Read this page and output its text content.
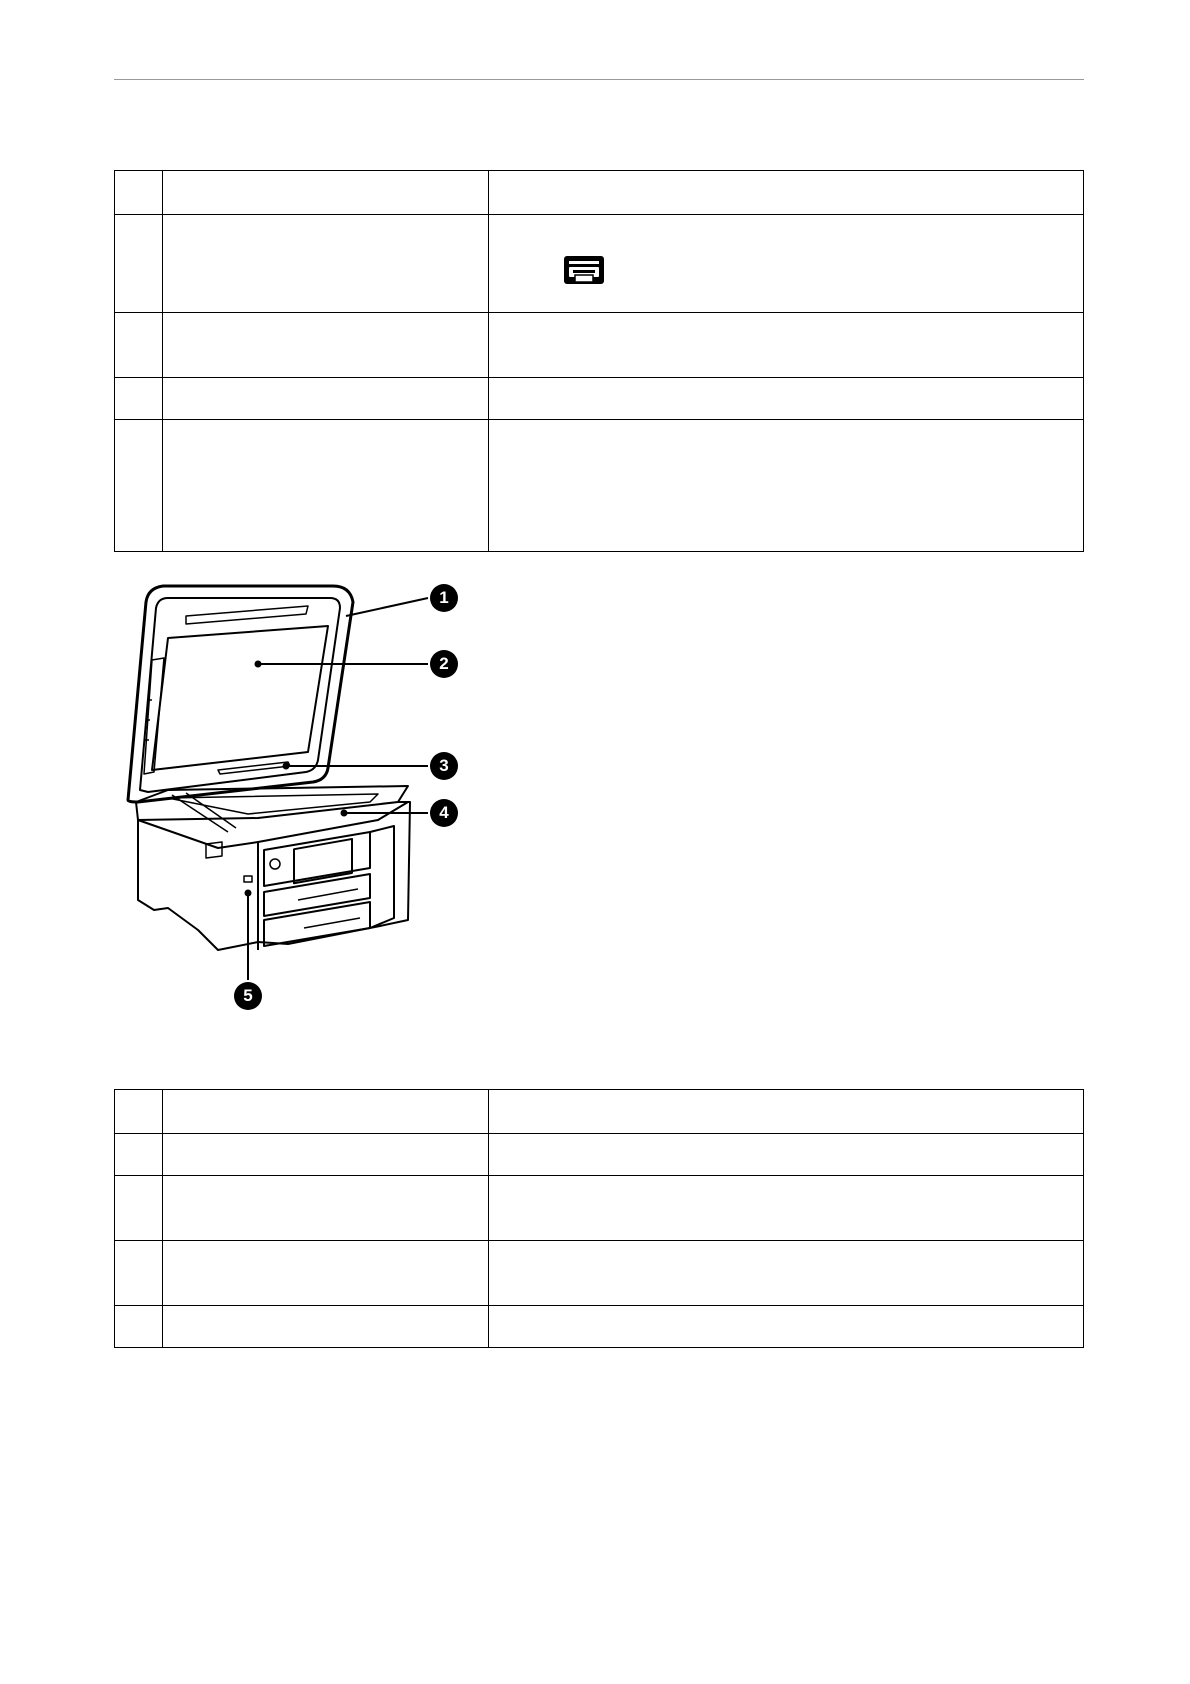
1
2
3
4
5
